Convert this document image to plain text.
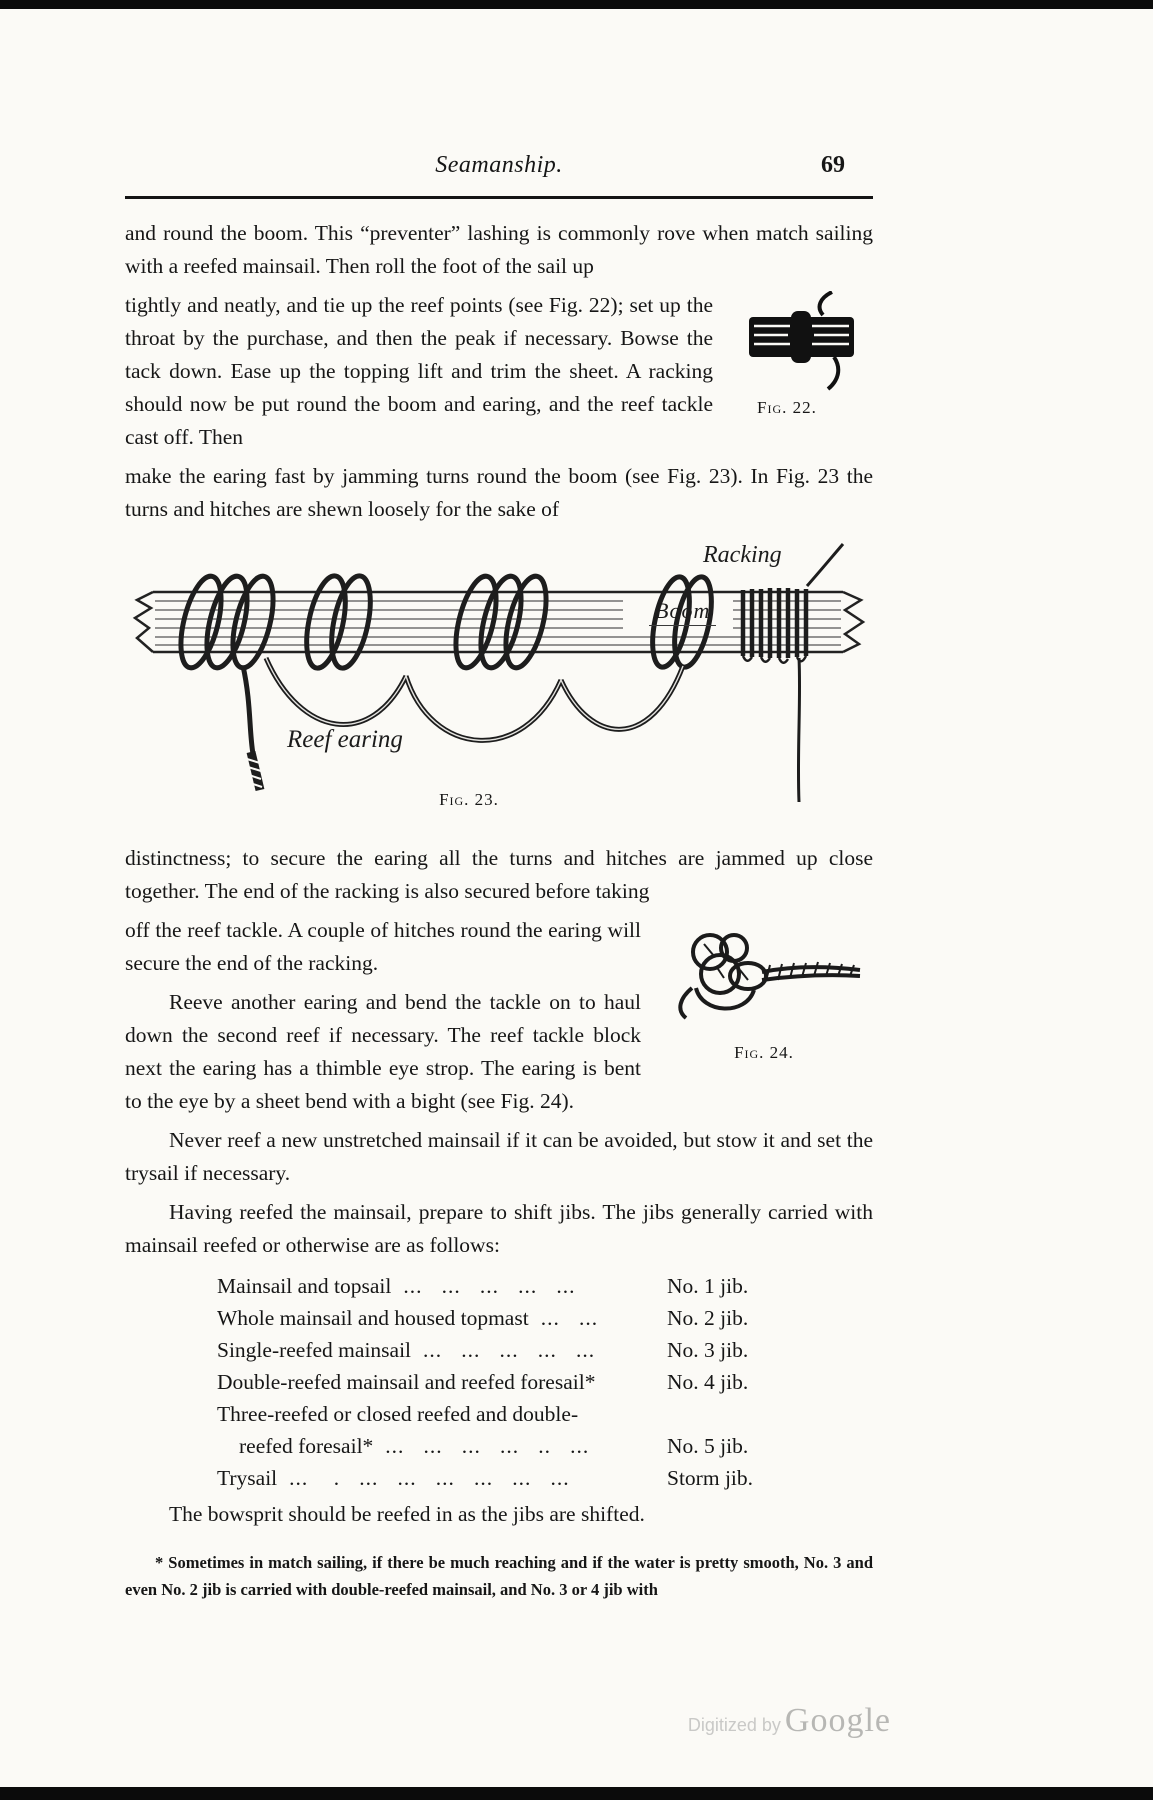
Seamanship.	69

and round the boom. This “preventer” lashing is commonly rove when match sailing with a reefed mainsail. Then roll the foot of the sail up

Fig. 22.

tightly and neatly, and tie up the reef points (see Fig. 22); set up the throat by the purchase, and then the peak if necessary. Bowse the tack down. Ease up the topping lift and trim the sheet. A racking should now be put round the boom and earing, and the reef tackle cast off. Then

make the earing fast by jamming turns round the boom (see Fig. 23). In Fig. 23 the turns and hitches are shewn loosely for the sake of

Racking
Boom
Reef earing
Fig. 23.

distinctness; to secure the earing all the turns and hitches are jammed up close together. The end of the racking is also secured before taking

Fig. 24.

off the reef tackle. A couple of hitches round the earing will secure the end of the racking.

Reeve another earing and bend the tackle on to haul down the second reef if necessary. The reef tackle block next the earing has a thimble eye strop. The earing is bent to the eye by a sheet bend with a bight (see Fig. 24).

Never reef a new unstretched mainsail if it can be avoided, but stow it and set the trysail if necessary.

Having reefed the mainsail, prepare to shift jibs. The jibs generally carried with mainsail reefed or otherwise are as follows:

Mainsail and topsail ...   ...   ...   ...   ...	No. 1 jib.
Whole mainsail and housed topmast ...   ...	No. 2 jib.
Single-reefed mainsail ...   ...   ...   ...   ...	No. 3 jib.
Double-reefed mainsail and reefed foresail*	No. 4 jib.
Three-reefed or closed reefed and double-
reefed foresail* ...   ...   ...   ...   ..   ...	No. 5 jib.
Trysail ...    .   ...   ...   ...   ...   ...   ...	Storm jib.

The bowsprit should be reefed in as the jibs are shifted.

* Sometimes in match sailing, if there be much reaching and if the water is pretty smooth, No. 3 and even No. 2 jib is carried with double-reefed mainsail, and No. 3 or 4 jib with
Digitized by Google
